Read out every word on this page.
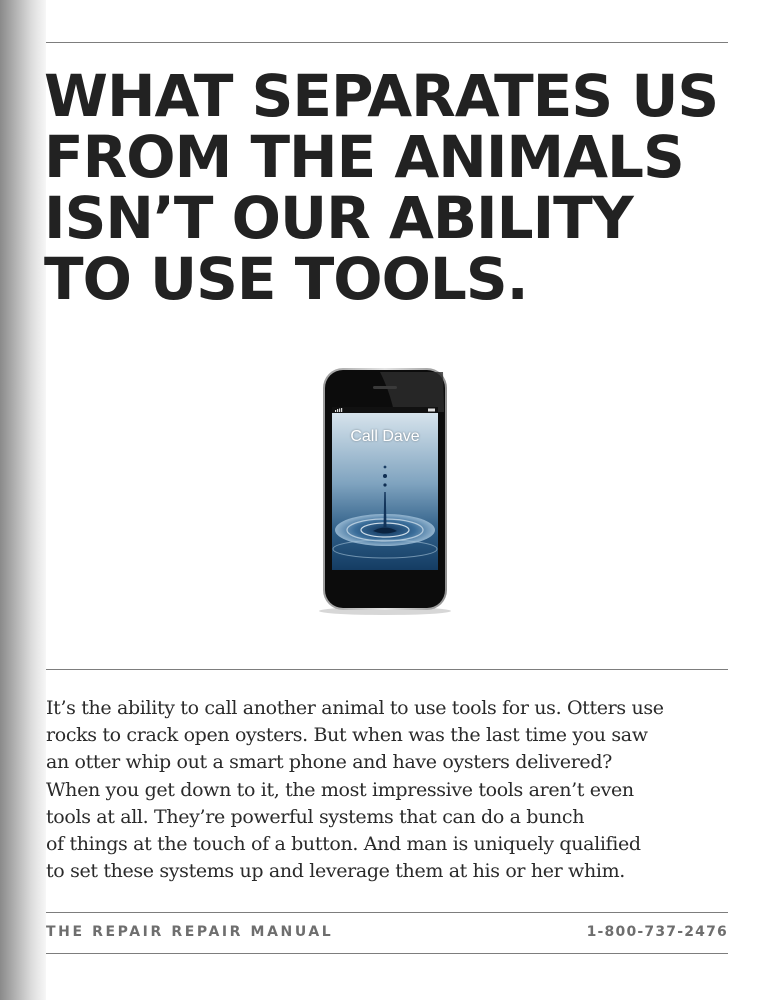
WHAT SEPARATES US
FROM THE ANIMALS
ISN’T OUR ABILITY
TO USE TOOLS.
Call Dave

It’s the ability to call another animal to use tools for us. Otters use
rocks to crack open oysters. But when was the last time you saw
an otter whip out a smart phone and have oysters delivered?
When you get down to it, the most impressive tools aren’t even
tools at all. They’re powerful systems that can do a bunch
of things at the touch of a button. And man is uniquely qualified
to set these systems up and leverage them at his or her whim.

THE REPAIR REPAIR MANUAL	1-800-737-2476
